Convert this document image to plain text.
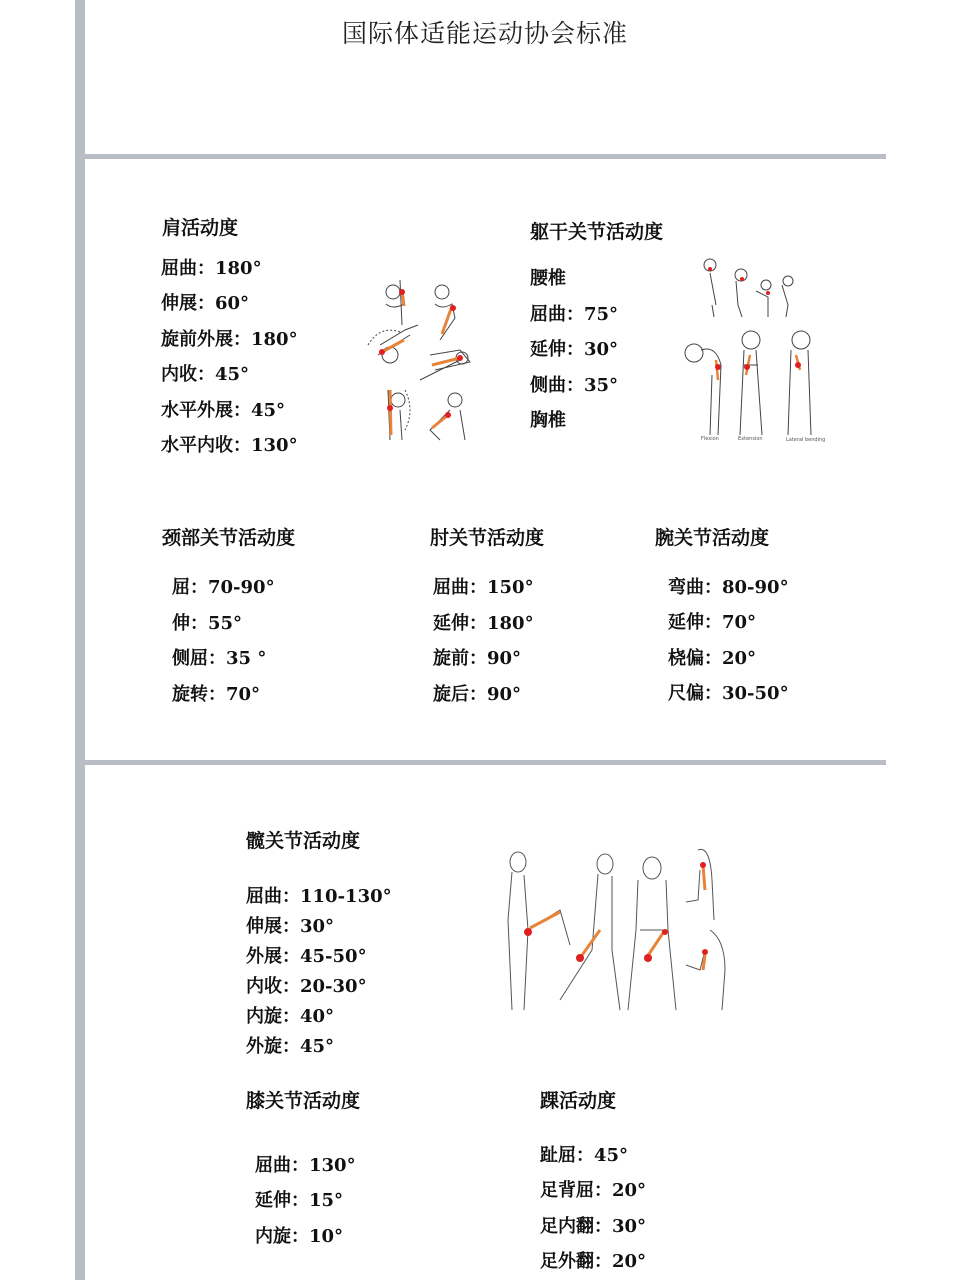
国际体适能运动协会标准
肩活动度
屈曲：180°
伸展：60°
旋前外展：180°
内收：45°
水平外展：45°
水平内收：130°
躯干关节活动度
腰椎
屈曲：75°
延伸：30°
侧曲：35°
胸椎
Flexion	Extension	Lateral bending
颈部关节活动度
屈：70-90°
伸：55°
侧屈：35 °
旋转：70°
肘关节活动度
屈曲：150°
延伸：180°
旋前：90°
旋后：90°
腕关节活动度
弯曲：80-90°
延伸：70°
桡偏：20°
尺偏：30-50°
髋关节活动度
屈曲：110-130°
伸展：30°
外展：45-50°
内收：20-30°
内旋：40°
外旋：45°
膝关节活动度
屈曲：130°
延伸：15°
内旋：10°
踝活动度
趾屈：45°
足背屈：20°
足内翻：30°
足外翻：20°
